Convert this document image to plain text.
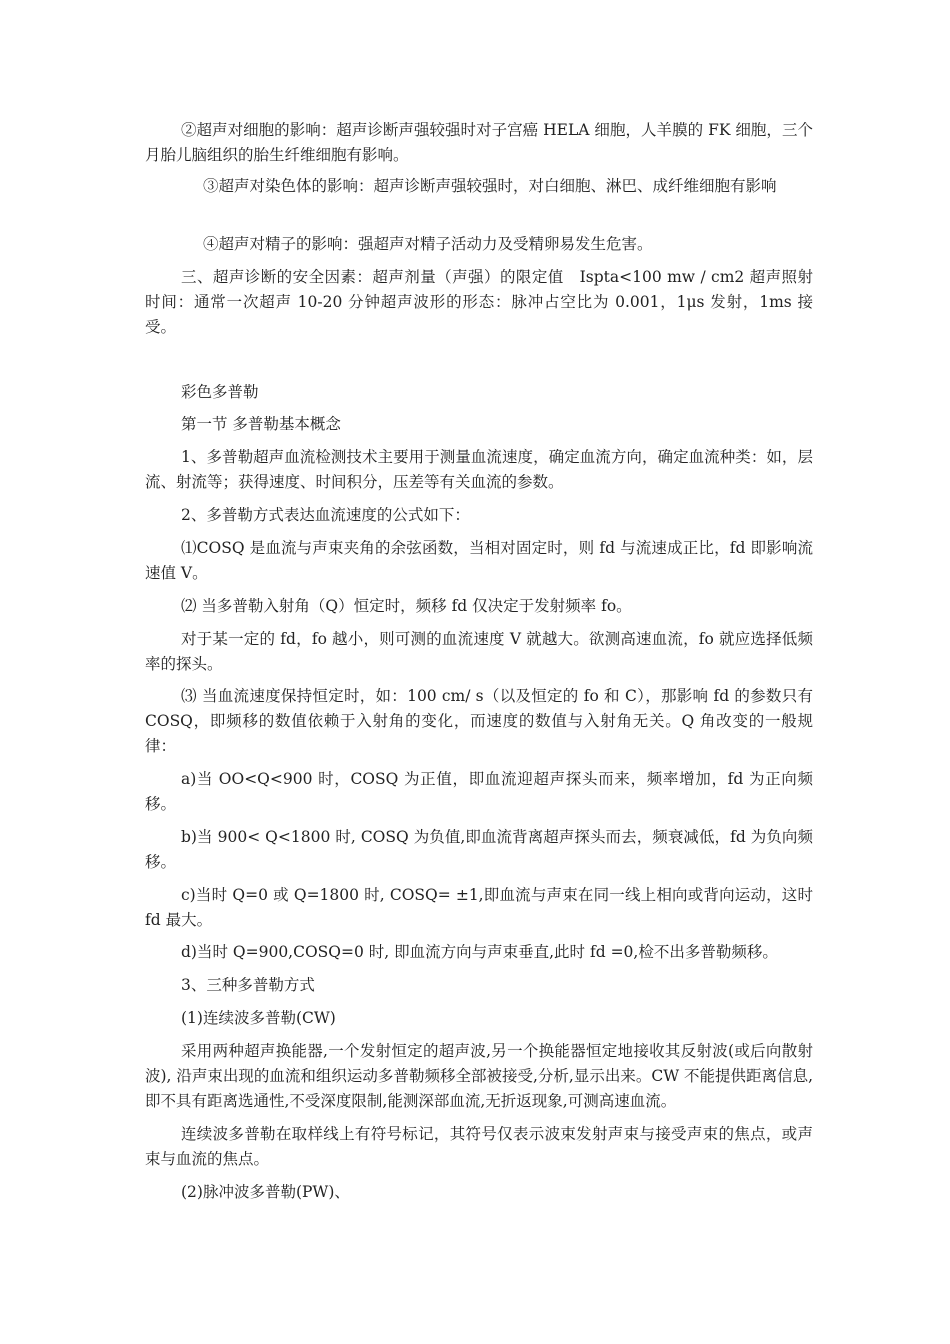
②超声对细胞的影响：超声诊断声强较强时对子宫癌 HELA 细胞，人羊膜的 FK 细胞，三个月胎儿脑组织的胎生纤维细胞有影响。

③超声对染色体的影响：超声诊断声强较强时，对白细胞、淋巴、成纤维细胞有影响

④超声对精子的影响：强超声对精子活动力及受精卵易发生危害。

三、超声诊断的安全因素：超声剂量（声强）的限定值　Ispta<100 mw / cm2 超声照射时间：通常一次超声 10-20 分钟超声波形的形态：脉冲占空比为 0.001，1μs 发射，1ms 接受。

彩色多普勒

第一节 多普勒基本概念

1、多普勒超声血流检测技术主要用于测量血流速度，确定血流方向，确定血流种类：如，层流、射流等；获得速度、时间积分，压差等有关血流的参数。

2、多普勒方式表达血流速度的公式如下：

⑴COSQ 是血流与声束夹角的余弦函数，当相对固定时，则 fd 与流速成正比，fd 即影响流 速值 V。

⑵ 当多普勒入射角（Q）恒定时，频移 fd 仅决定于发射频率 fo。

对于某一定的 fd，fo 越小，则可测的血流速度 V 就越大。欲测高速血流，fo 就应选择低频率的探头。

⑶ 当血流速度保持恒定时，如：100 cm/ s（以及恒定的 fo 和 C），那影响 fd 的参数只有 COSQ，即频移的数值依赖于入射角的变化，而速度的数值与入射角无关。Q 角改变的一般规律：

a)当 OO<Q<900 时，COSQ 为正值，即血流迎超声探头而来，频率增加，fd 为正向频移。

b)当 900< Q<1800 时, COSQ 为负值,即血流背离超声探头而去，频衰减低，fd 为负向频移。

c)当时 Q=0 或 Q=1800 时, COSQ= ±1,即血流与声束在同一线上相向或背向运动，这时 fd 最大。

d)当时 Q=900,COSQ=0 时, 即血流方向与声束垂直,此时 fd =0,检不出多普勒频移。

3、三种多普勒方式

(1)连续波多普勒(CW)

采用两种超声换能器,一个发射恒定的超声波,另一个换能器恒定地接收其反射波(或后向散射波), 沿声束出现的血流和组织运动多普勒频移全部被接受,分析,显示出来。CW 不能提供距离信息,即不具有距离选通性,不受深度限制,能测深部血流,无折返现象,可测高速血流。

连续波多普勒在取样线上有符号标记，其符号仅表示波束发射声束与接受声束的焦点，或声束与血流的焦点。

(2)脉冲波多普勒(PW)、
